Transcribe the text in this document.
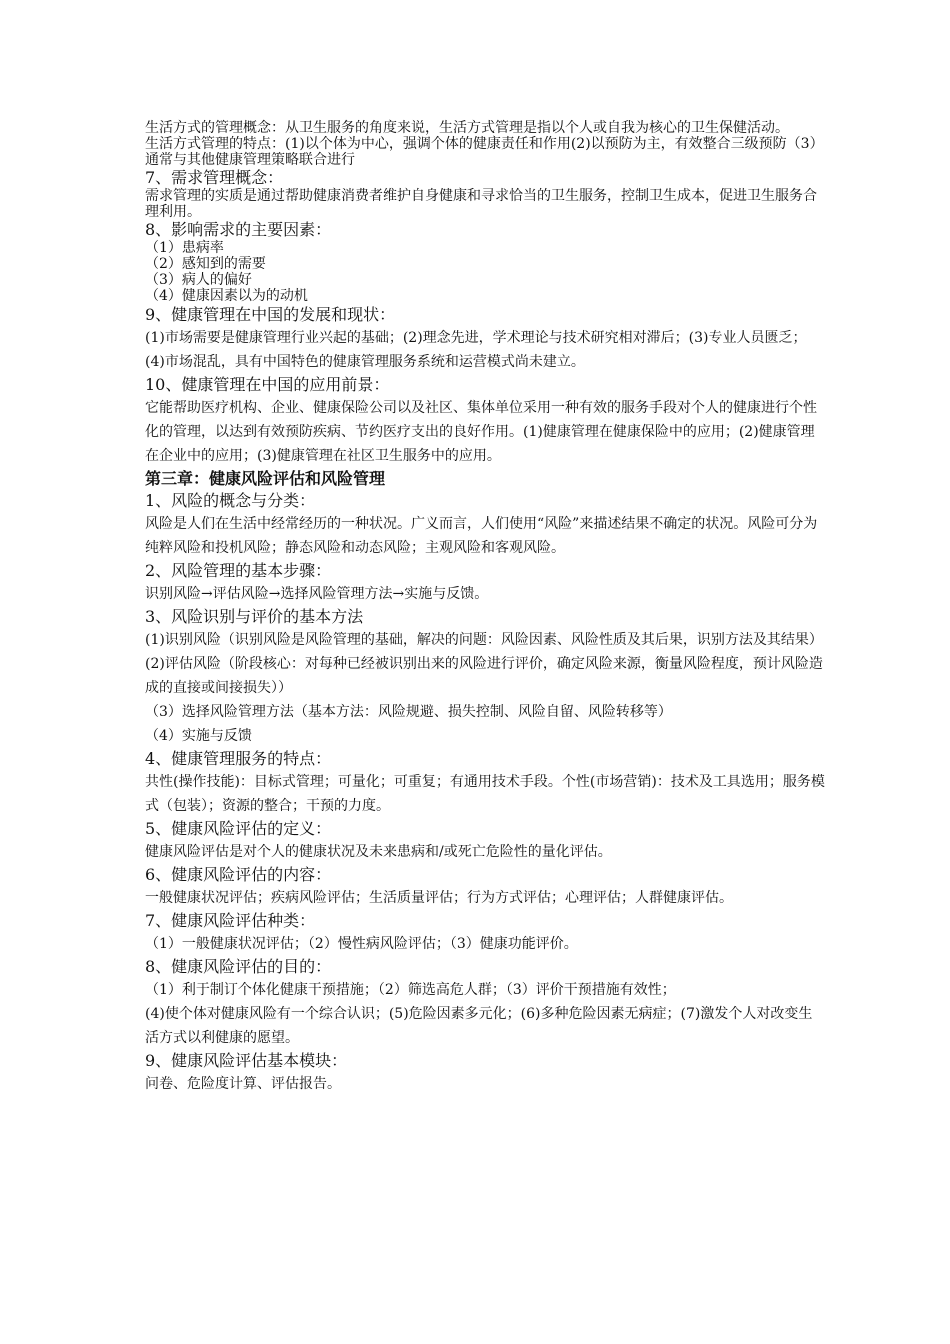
生活方式的管理概念：从卫生服务的角度来说，生活方式管理是指以个人或自我为核心的卫生保健活动。
生活方式管理的特点：(1)以个体为中心，强调个体的健康责任和作用(2)以预防为主，有效整合三级预防（3）通常与其他健康管理策略联合进行
7、需求管理概念：
需求管理的实质是通过帮助健康消费者维护自身健康和寻求恰当的卫生服务，控制卫生成本，促进卫生服务合理利用。
8、影响需求的主要因素：
（1）患病率
（2）感知到的需要
（3）病人的偏好
（4）健康因素以为的动机
9、健康管理在中国的发展和现状：
(1)市场需要是健康管理行业兴起的基础；(2)理念先进，学术理论与技术研究相对滞后；(3)专业人员匮乏；(4)市场混乱，具有中国特色的健康管理服务系统和运营模式尚未建立。
10、健康管理在中国的应用前景：
它能帮助医疗机构、企业、健康保险公司以及社区、集体单位采用一种有效的服务手段对个人的健康进行个性化的管理，以达到有效预防疾病、节约医疗支出的良好作用。(1)健康管理在健康保险中的应用；(2)健康管理在企业中的应用；(3)健康管理在社区卫生服务中的应用。
第三章：健康风险评估和风险管理
1、风险的概念与分类：
风险是人们在生活中经常经历的一种状况。广义而言，人们使用“风险”来描述结果不确定的状况。风险可分为纯粹风险和投机风险；静态风险和动态风险；主观风险和客观风险。
2、风险管理的基本步骤：
识别风险→评估风险→选择风险管理方法→实施与反馈。
3、风险识别与评价的基本方法
(1)识别风险（识别风险是风险管理的基础，解决的问题：风险因素、风险性质及其后果，识别方法及其结果）
(2)评估风险（阶段核心：对每种已经被识别出来的风险进行评价，确定风险来源，衡量风险程度，预计风险造成的直接或间接损失））
（3）选择风险管理方法（基本方法：风险规避、损失控制、风险自留、风险转移等）
（4）实施与反馈
4、健康管理服务的特点：
共性(操作技能)：目标式管理；可量化；可重复；有通用技术手段。个性(市场营销)：技术及工具选用；服务模式（包装）；资源的整合；干预的力度。
5、健康风险评估的定义：
健康风险评估是对个人的健康状况及未来患病和/或死亡危险性的量化评估。
6、健康风险评估的内容：
一般健康状况评估；疾病风险评估；生活质量评估；行为方式评估；心理评估；人群健康评估。
7、健康风险评估种类：
（1）一般健康状况评估；（2）慢性病风险评估；（3）健康功能评价。
8、健康风险评估的目的：
（1）利于制订个体化健康干预措施；（2）筛选高危人群；（3）评价干预措施有效性；
(4)使个体对健康风险有一个综合认识；(5)危险因素多元化；(6)多种危险因素无病症；(7)激发个人对改变生活方式以利健康的愿望。
9、健康风险评估基本模块：
问卷、危险度计算、评估报告。
